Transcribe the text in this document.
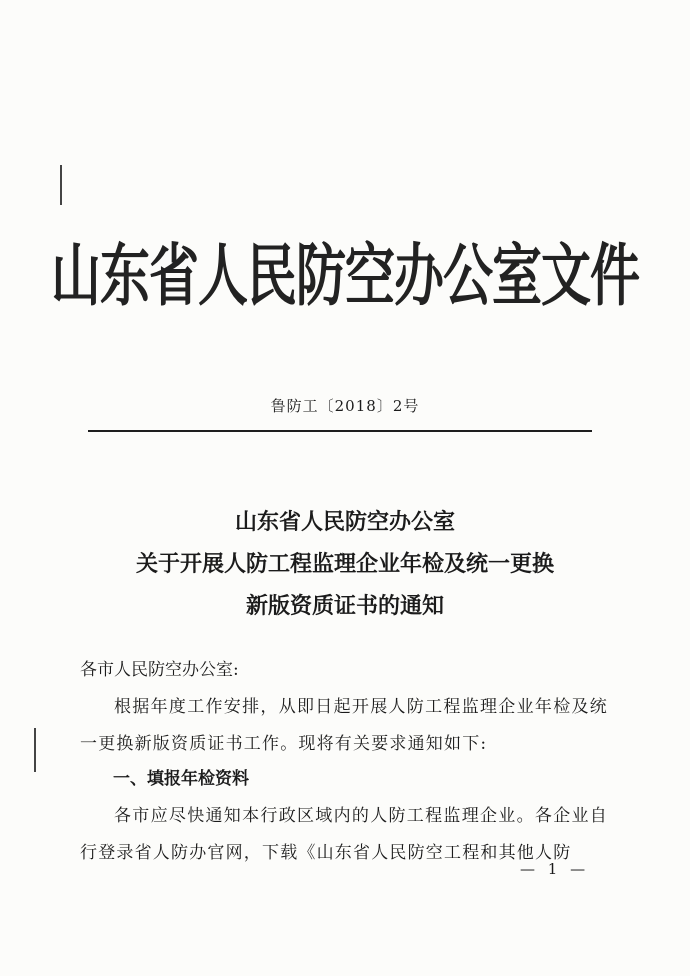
山东省人民防空办公室文件
鲁防工〔2018〕2号
山东省人民防空办公室
关于开展人防工程监理企业年检及统一更换
新版资质证书的通知
各市人民防空办公室:
根据年度工作安排，从即日起开展人防工程监理企业年检及统一更换新版资质证书工作。现将有关要求通知如下:
一、填报年检资料
各市应尽快通知本行政区域内的人防工程监理企业。各企业自行登录省人防办官网，下载《山东省人民防空工程和其他人防
— 1 —
